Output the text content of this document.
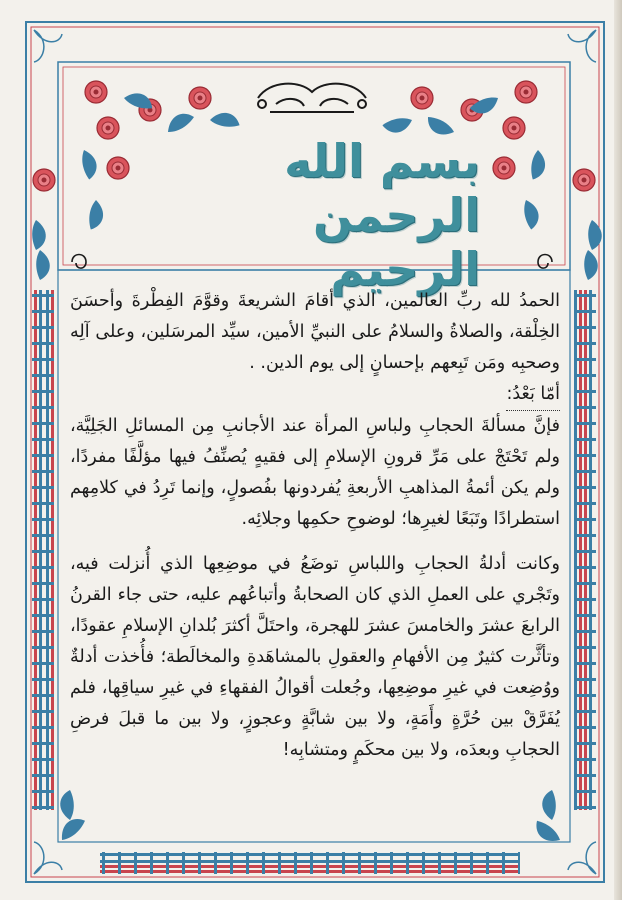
بسم الله الرحمن الرحيم

الحمدُ لله ربِّ العالمين، الذي أقامَ الشريعةَ وقوَّمَ الفِطْرةَ وأحسَنَ الخِلْقة، والصلاةُ والسلامُ على النبيِّ الأمين، سيِّد المرسَلين، وعلى آلِه وصحبِه ومَن تَبِعهم بإحسانٍ إلى يوم الدين. .

أمّا بَعْدُ:

فإنَّ مسألةَ الحجابِ ولباسِ المرأة عند الأجانبِ مِن المسائلِ الجَلِيَّة، ولم تَحْتَجْ على مَرِّ قرونِ الإسلامِ إلى فقيهٍ يُصنِّفُ فيها مؤلَّفًا مفردًا، ولم يكن أئمةُ المذاهبِ الأربعةِ يُفردونها بفُصولٍ، وإنما تَرِدُ في كلامِهم استطرادًا وتَبَعًا لغيرِها؛ لوضوحِ حكمِها وجلائِه.

وكانت أدلةُ الحجابِ واللباسِ توضَعُ في موضِعِها الذي أُنزلت فيه، وتَجْري على العملِ الذي كان الصحابةُ وأتباعُهم عليه، حتى جاء القرنُ الرابعَ عشرَ والخامسَ عشرَ للهجرة، واحتَلَّ أكثرَ بُلدانِ الإسلامِ عقودًا، وتأثَّرت كثيرٌ مِن الأفهامِ والعقولِ بالمشاهَدةِ والمخالَطة؛ فأُخذت أدلةٌ ووُضِعت في غيرِ موضِعِها، وجُعلت أقوالُ الفقهاءِ في غيرِ سياقِها، فلم يُفَرَّقْ بين حُرَّةٍ وأَمَةٍ، ولا بين شابَّةٍ وعجوزٍ، ولا بين ما قبلَ فرضِ الحجابِ وبعدَه، ولا بين محكَمٍ ومتشابِه!
